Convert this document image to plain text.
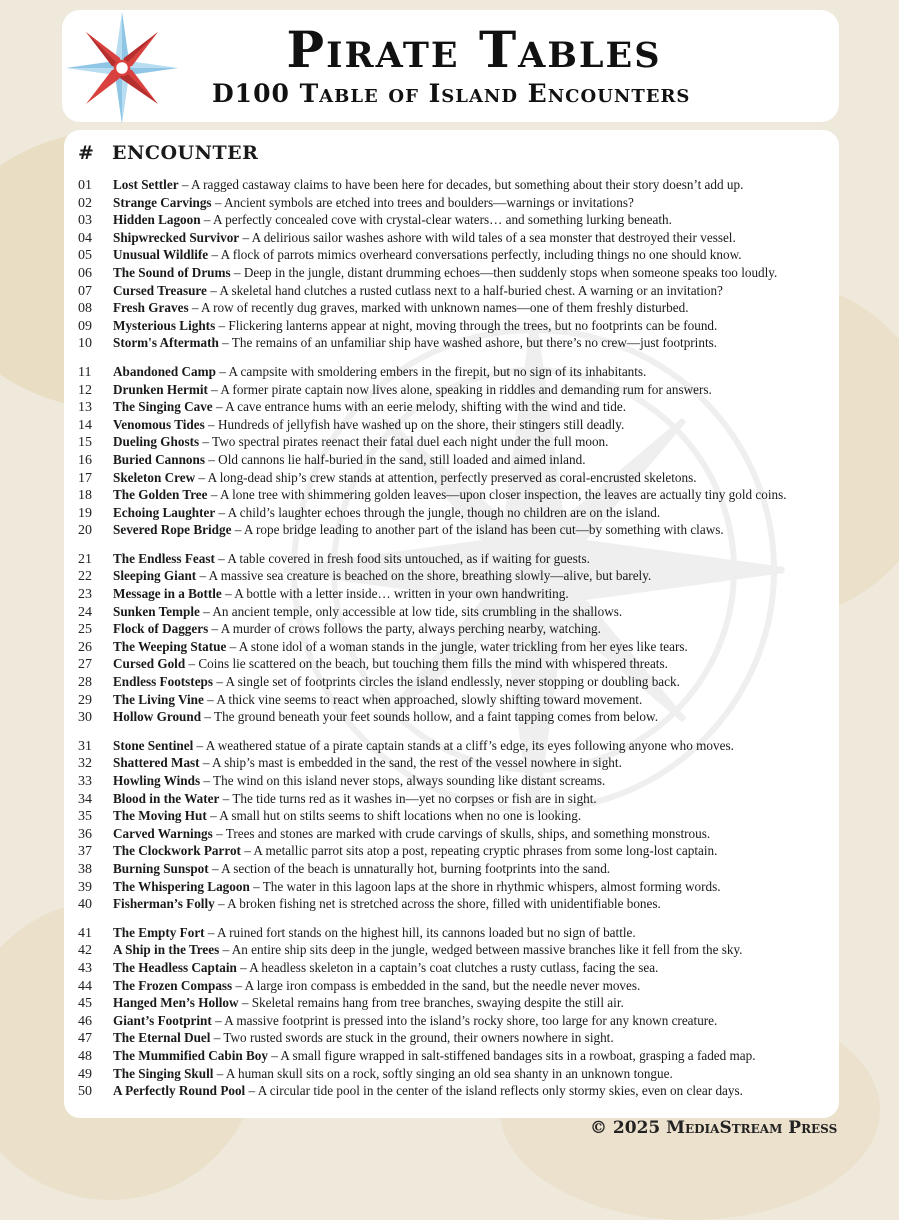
Pirate Tables
D100 Table of Island Encounters
# ENCOUNTER
01	Lost Settler – A ragged castaway claims to have been here for decades, but something about their story doesn’t add up.
02	Strange Carvings – Ancient symbols are etched into trees and boulders—warnings or invitations?
03	Hidden Lagoon – A perfectly concealed cove with crystal-clear waters… and something lurking beneath.
04	Shipwrecked Survivor – A delirious sailor washes ashore with wild tales of a sea monster that destroyed their vessel.
05	Unusual Wildlife – A flock of parrots mimics overheard conversations perfectly, including things no one should know.
06	The Sound of Drums – Deep in the jungle, distant drumming echoes—then suddenly stops when someone speaks too loudly.
07	Cursed Treasure – A skeletal hand clutches a rusted cutlass next to a half-buried chest. A warning or an invitation?
08	Fresh Graves – A row of recently dug graves, marked with unknown names—one of them freshly disturbed.
09	Mysterious Lights – Flickering lanterns appear at night, moving through the trees, but no footprints can be found.
10	Storm's Aftermath – The remains of an unfamiliar ship have washed ashore, but there’s no crew—just footprints.
11	Abandoned Camp – A campsite with smoldering embers in the firepit, but no sign of its inhabitants.
12	Drunken Hermit – A former pirate captain now lives alone, speaking in riddles and demanding rum for answers.
13	The Singing Cave – A cave entrance hums with an eerie melody, shifting with the wind and tide.
14	Venomous Tides – Hundreds of jellyfish have washed up on the shore, their stingers still deadly.
15	Dueling Ghosts – Two spectral pirates reenact their fatal duel each night under the full moon.
16	Buried Cannons – Old cannons lie half-buried in the sand, still loaded and aimed inland.
17	Skeleton Crew – A long-dead ship’s crew stands at attention, perfectly preserved as coral-encrusted skeletons.
18	The Golden Tree – A lone tree with shimmering golden leaves—upon closer inspection, the leaves are actually tiny gold coins.
19	Echoing Laughter – A child’s laughter echoes through the jungle, though no children are on the island.
20	Severed Rope Bridge – A rope bridge leading to another part of the island has been cut—by something with claws.
21	The Endless Feast – A table covered in fresh food sits untouched, as if waiting for guests.
22	Sleeping Giant – A massive sea creature is beached on the shore, breathing slowly—alive, but barely.
23	Message in a Bottle – A bottle with a letter inside… written in your own handwriting.
24	Sunken Temple – An ancient temple, only accessible at low tide, sits crumbling in the shallows.
25	Flock of Daggers – A murder of crows follows the party, always perching nearby, watching.
26	The Weeping Statue – A stone idol of a woman stands in the jungle, water trickling from her eyes like tears.
27	Cursed Gold – Coins lie scattered on the beach, but touching them fills the mind with whispered threats.
28	Endless Footsteps – A single set of footprints circles the island endlessly, never stopping or doubling back.
29	The Living Vine – A thick vine seems to react when approached, slowly shifting toward movement.
30	Hollow Ground – The ground beneath your feet sounds hollow, and a faint tapping comes from below.
31	Stone Sentinel – A weathered statue of a pirate captain stands at a cliff’s edge, its eyes following anyone who moves.
32	Shattered Mast – A ship’s mast is embedded in the sand, the rest of the vessel nowhere in sight.
33	Howling Winds – The wind on this island never stops, always sounding like distant screams.
34	Blood in the Water – The tide turns red as it washes in—yet no corpses or fish are in sight.
35	The Moving Hut – A small hut on stilts seems to shift locations when no one is looking.
36	Carved Warnings – Trees and stones are marked with crude carvings of skulls, ships, and something monstrous.
37	The Clockwork Parrot – A metallic parrot sits atop a post, repeating cryptic phrases from some long-lost captain.
38	Burning Sunspot – A section of the beach is unnaturally hot, burning footprints into the sand.
39	The Whispering Lagoon – The water in this lagoon laps at the shore in rhythmic whispers, almost forming words.
40	Fisherman’s Folly – A broken fishing net is stretched across the shore, filled with unidentifiable bones.
41	The Empty Fort – A ruined fort stands on the highest hill, its cannons loaded but no sign of battle.
42	A Ship in the Trees – An entire ship sits deep in the jungle, wedged between massive branches like it fell from the sky.
43	The Headless Captain – A headless skeleton in a captain’s coat clutches a rusty cutlass, facing the sea.
44	The Frozen Compass – A large iron compass is embedded in the sand, but the needle never moves.
45	Hanged Men’s Hollow – Skeletal remains hang from tree branches, swaying despite the still air.
46	Giant’s Footprint – A massive footprint is pressed into the island’s rocky shore, too large for any known creature.
47	The Eternal Duel – Two rusted swords are stuck in the ground, their owners nowhere in sight.
48	The Mummified Cabin Boy – A small figure wrapped in salt-stiffened bandages sits in a rowboat, grasping a faded map.
49	The Singing Skull – A human skull sits on a rock, softly singing an old sea shanty in an unknown tongue.
50	A Perfectly Round Pool – A circular tide pool in the center of the island reflects only stormy skies, even on clear days.
© 2025 MediaStream Press
